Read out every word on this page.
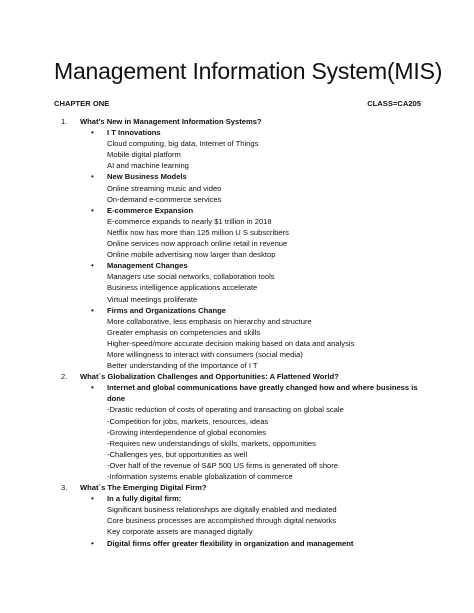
Management Information System(MIS)
CHAPTER ONE	CLASS=CA205
1. What’s New in Management Information Systems?
• I T Innovations
Cloud computing, big data, Internet of Things
Mobile digital platform
AI and machine learning
• New Business Models
Online streaming music and video
On-demand e-commerce services
• E-commerce Expansion
E-commerce expands to nearly $1 trillion in 2018
Netflix now has more than 125 million U S subscribers
Online services now approach online retail in revenue
Online mobile advertising now larger than desktop
• Management Changes
Managers use social networks, collaboration tools
Business intelligence applications accelerate
Virtual meetings proliferate
• Firms and Organizations Change
More collaborative, less emphasis on hierarchy and structure
Greater emphasis on competencies and skills
Higher-speed/more accurate decision making based on data and analysis
More willingness to interact with consumers (social media)
Better understanding of the importance of I T
2. What`s Globalization Challenges and Opportunities: A Flattened World?
• Internet and global communications have greatly changed how and where business is done
-Drastic reduction of costs of operating and transacting on global scale
-Competition for jobs, markets, resources, ideas
-Growing interdependence of global economies
-Requires new understandings of skills, markets, opportunities
-Challenges yes, but opportunities as well
-Over half of the revenue of S&P 500 US firms is generated off shore
-Information systems enable globalization of commerce
3. What`s The Emerging Digital Firm?
• In a fully digital firm:
Significant business relationships are digitally enabled and mediated
Core business processes are accomplished through digital networks
Key corporate assets are managed digitally
• Digital firms offer greater flexibility in organization and management
